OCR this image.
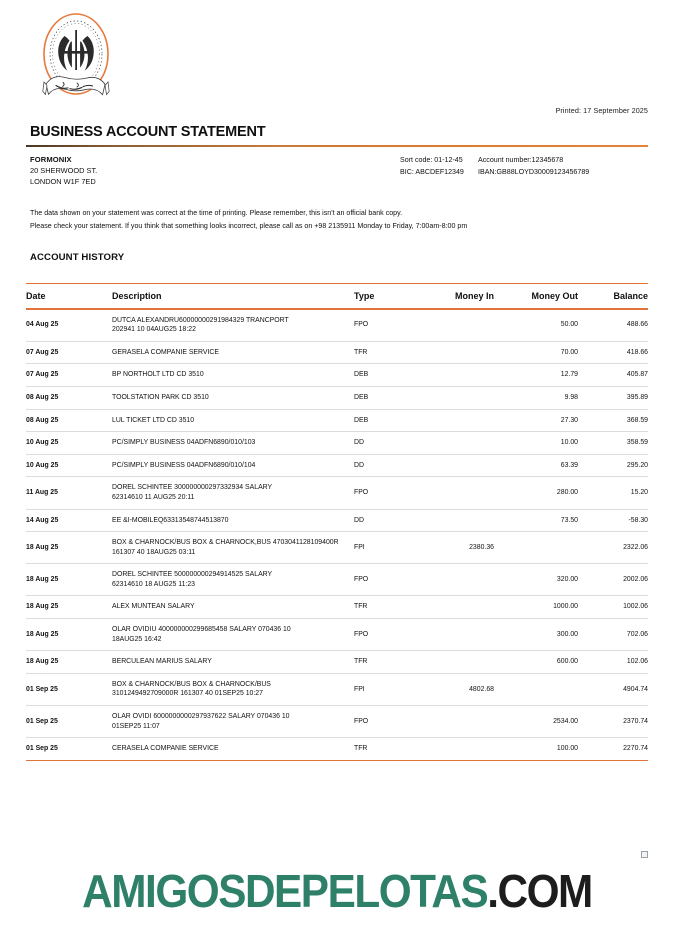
Printed: 17 September 2025
BUSINESS ACCOUNT STATEMENT
FORMONIX
20 SHERWOOD ST.
LONDON W1F 7ED
Sort code: 01-12-45	Account number:12345678
BIC: ABCDEF12349	IBAN:GB88LOYD30009123456789
The data shown on your statement was correct at the time of printing. Please remember, this isn't an official bank copy.
Please check your statement. If you think that something looks incorrect, please call as on +98 2135911 Monday to Friday, 7:00am-8:00 pm
ACCOUNT HISTORY
Date	Description	Type	Money In	Money Out	Balance
04 Aug 25	DUTCA ALEXANDRU60000000291984329 TRANCPORT
202941 10 04AUG25 18:22	FPO		50.00	488.66
07 Aug 25	GERASELA COMPANIE SERVICE	TFR		70.00	418.66
07 Aug 25	BP NORTHOLT LTD CD 3510	DEB		12.79	405.87
08 Aug 25	TOOLSTATION PARK CD 3510	DEB		9.98	395.89
08 Aug 25	LUL TICKET LTD CD 3510	DEB		27.30	368.59
10 Aug 25	PC/SIMPLY BUSINESS 04ADFN6890/010/103	DD		10.00	358.59
10 Aug 25	PC/SIMPLY BUSINESS 04ADFN6890/010/104	DD		63.39	295.20
11 Aug 25	DOREL SCHINTEE 300000000297332934 SALARY
62314610 11 AUG25 20:11	FPO		280.00	15.20
14 Aug 25	EE &I-MOBILEQ63313548744513870	DD		73.50	-58.30
18 Aug 25	BOX & CHARNOCK/BUS BOX & CHARNOCK,BUS 4703041128109400R
161307 40 18AUG25 03:11	FPI	2380.36		2322.06
18 Aug 25	DOREL SCHINTEE 500000000294914525 SALARY
62314610 18 AUG25 11:23	FPO		320.00	2002.06
18 Aug 25	ALEX MUNTEAN SALARY	TFR		1000.00	1002.06
18 Aug 25	OLAR OVIDIU 400000000299685458 SALARY 070436 10
18AUG25 16:42	FPO		300.00	702.06
18 Aug 25	BERCULEAN MARIUS SALARY	TFR		600.00	102.06
01 Sep 25	BOX & CHARNOCK/BUS BOX & CHARNOCK/BUS
3101249492709000R 161307 40 01SEP25 10:27	FPI	4802.68		4904.74
01 Sep 25	OLAR OVIDI 6000000000297937622 SALARY 070436 10
01SEP25 11:07	FPO		2534.00	2370.74
01 Sep 25	CERASELA COMPANIE SERVICE	TFR		100.00	2270.74
AMIGOSDEPELOTAS.COM
